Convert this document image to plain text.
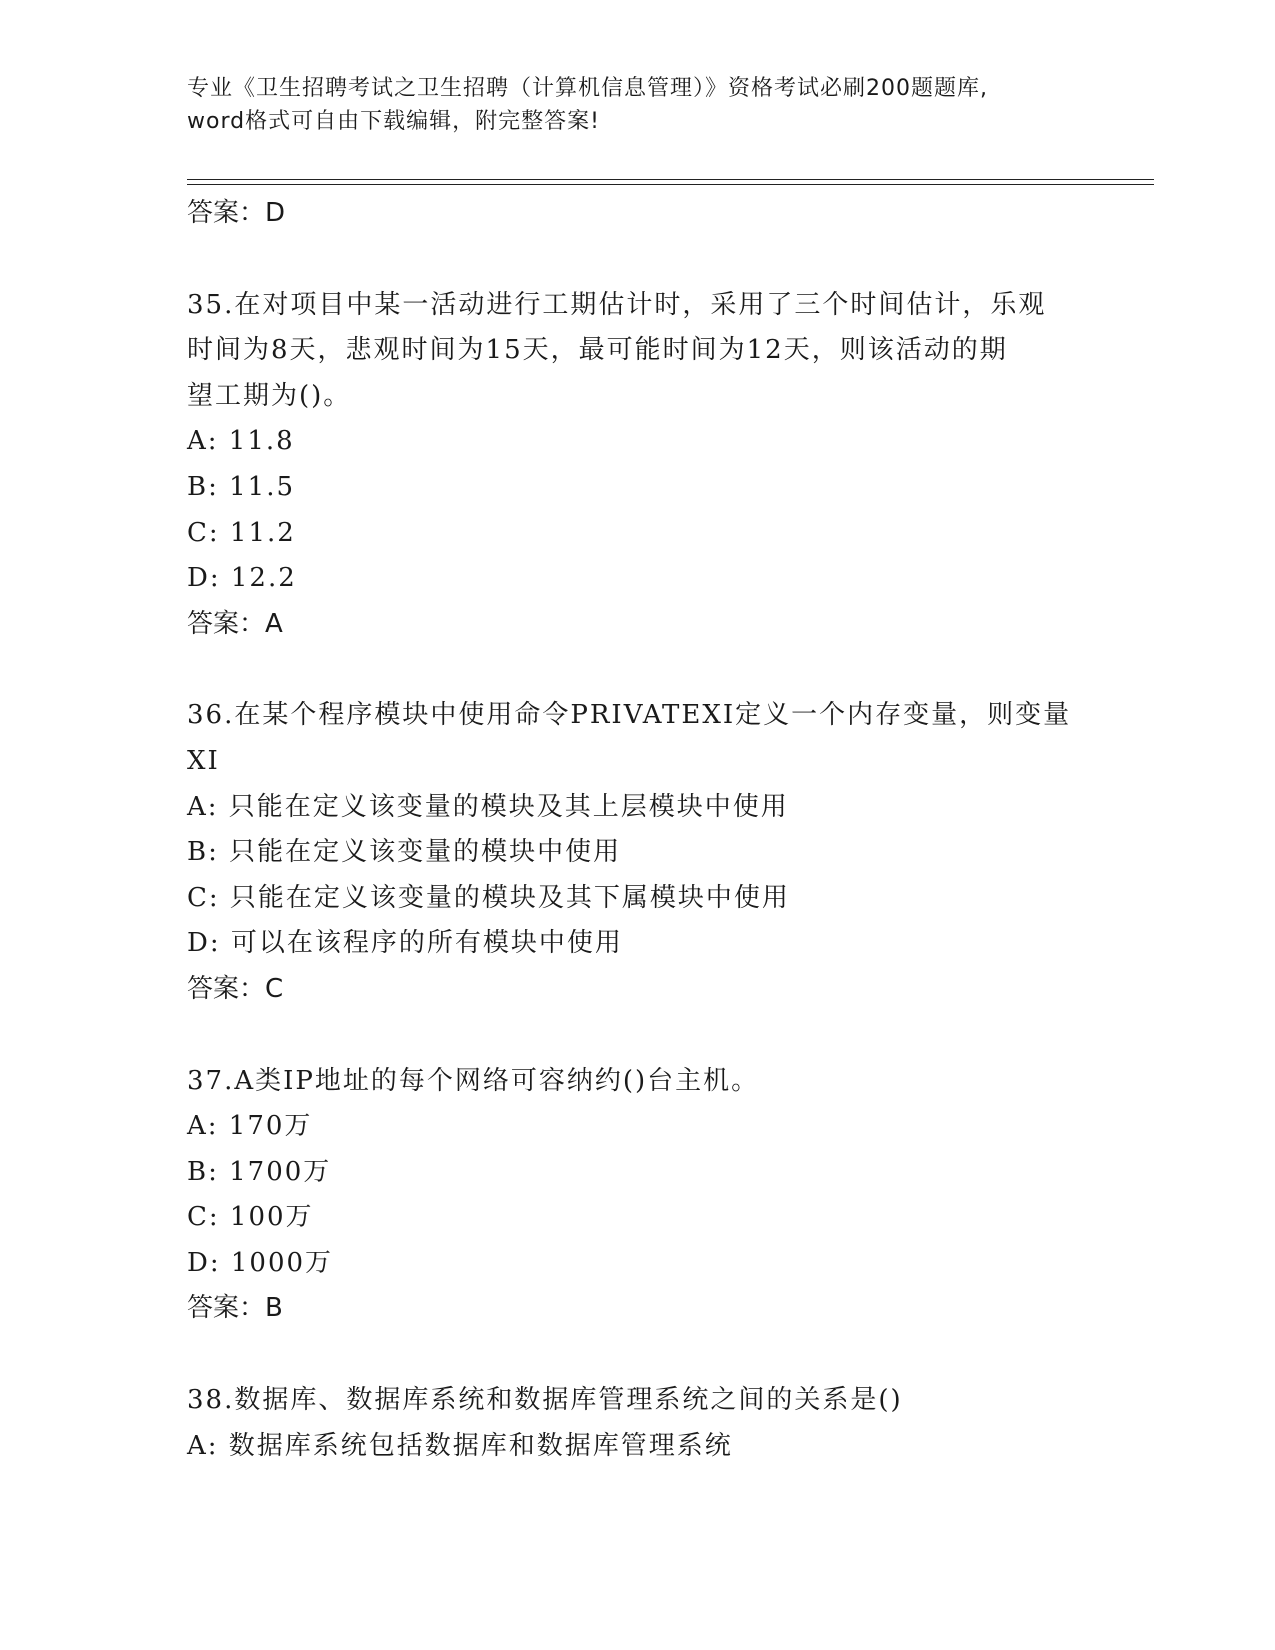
专业《卫生招聘考试之卫生招聘（计算机信息管理）》资格考试必刷200题题库,
word格式可自由下载编辑，附完整答案!
答案：D
35.在对项目中某一活动进行工期估计时，采用了三个时间估计，乐观
时间为8天，悲观时间为15天，最可能时间为12天，则该活动的期
望工期为()。
A: 11.8
B: 11.5
C: 11.2
D: 12.2
答案：A
36.在某个程序模块中使用命令PRIVATEXI定义一个内存变量，则变量
XI
A: 只能在定义该变量的模块及其上层模块中使用
B: 只能在定义该变量的模块中使用
C: 只能在定义该变量的模块及其下属模块中使用
D: 可以在该程序的所有模块中使用
答案：C
37.A类IP地址的每个网络可容纳约()台主机。
A: 170万
B: 1700万
C: 100万
D: 1000万
答案：B
38.数据库、数据库系统和数据库管理系统之间的关系是()
A: 数据库系统包括数据库和数据库管理系统
